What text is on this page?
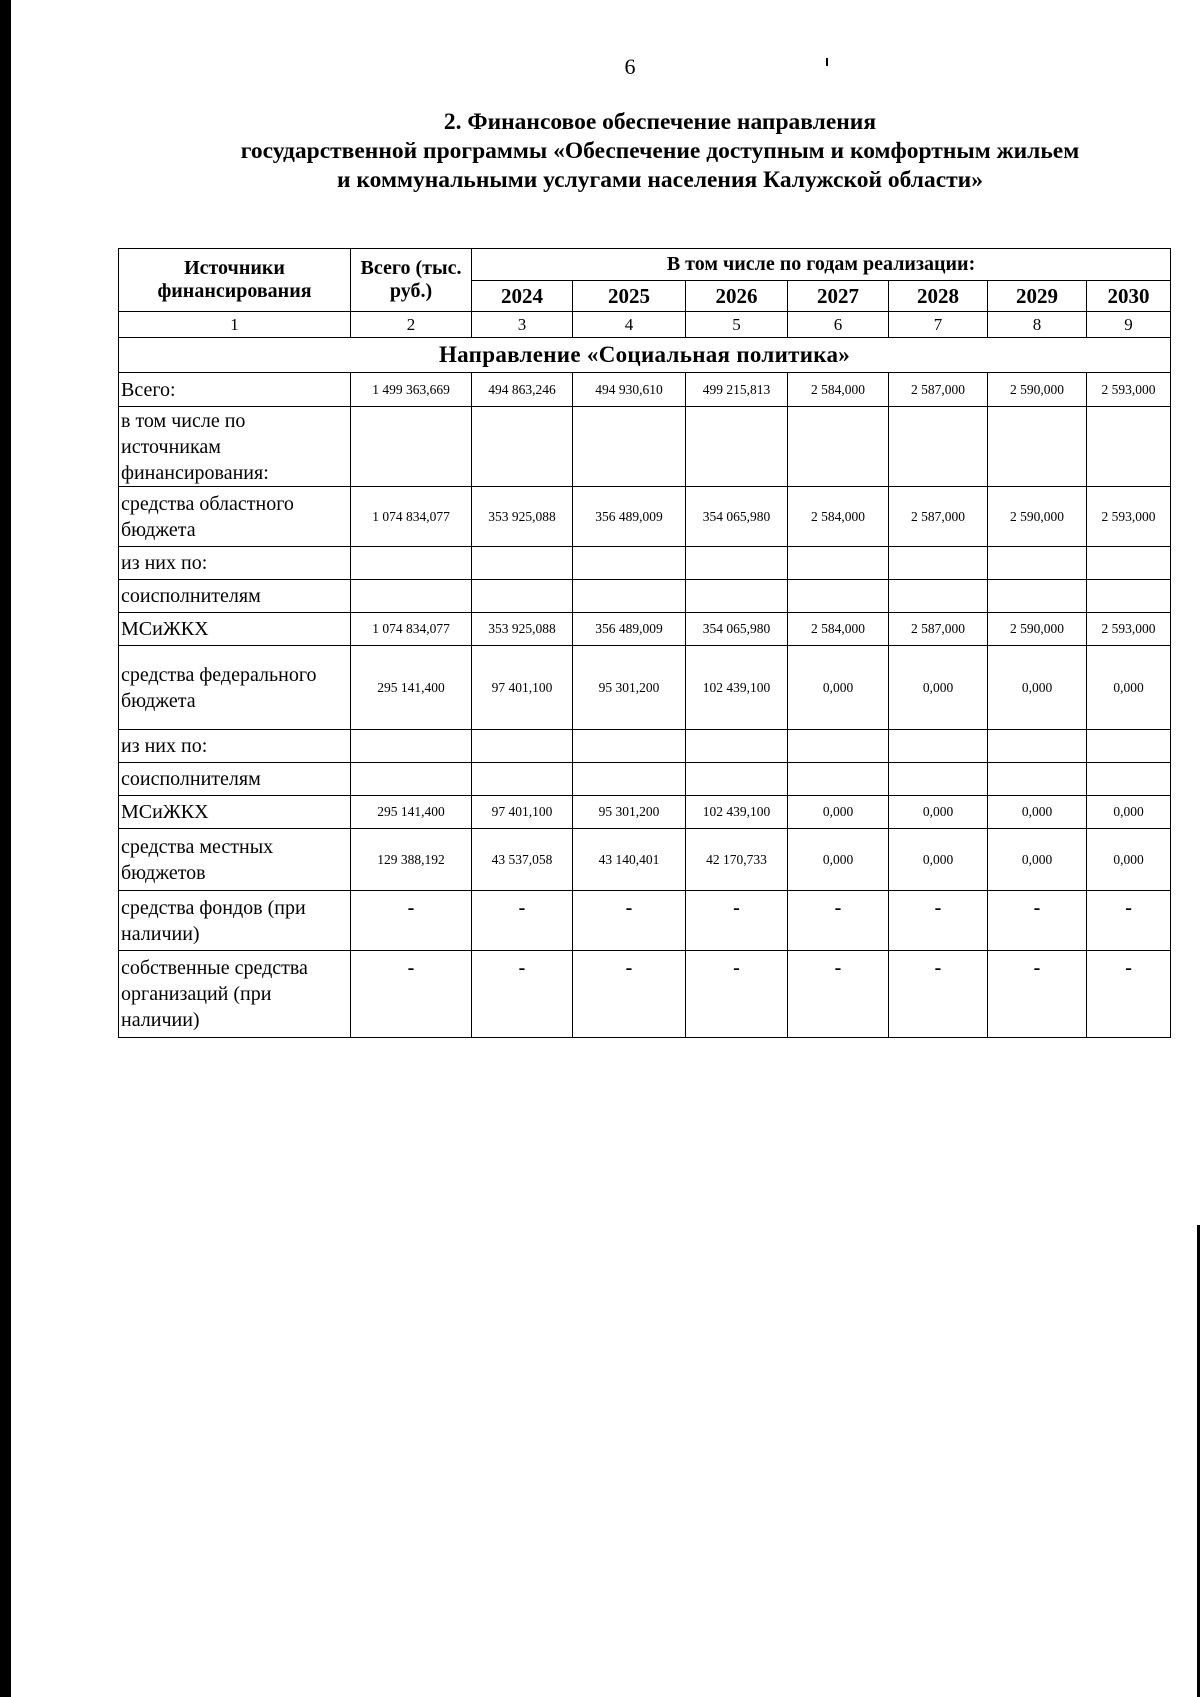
6
2. Финансовое обеспечение направления
государственной программы «Обеспечение доступным и комфортным жильем
и коммунальными услугами населения Калужской области»
Источники финансирования	Всего (тыс. руб.)	В том числе по годам реализации:						
		2024	2025	2026	2027	2028	2029	2030
1	2	3	4	5	6	7	8	9
Направление «Социальная политика»								
Всего:	1 499 363,669	494 863,246	494 930,610	499 215,813	2 584,000	2 587,000	2 590,000	2 593,000
в том числе по источникам финансирования:								
средства областного бюджета	1 074 834,077	353 925,088	356 489,009	354 065,980	2 584,000	2 587,000	2 590,000	2 593,000
из них по:								
соисполнителям								
МСиЖКХ	1 074 834,077	353 925,088	356 489,009	354 065,980	2 584,000	2 587,000	2 590,000	2 593,000
средства федерального бюджета	295 141,400	97 401,100	95 301,200	102 439,100	0,000	0,000	0,000	0,000
из них по:								
соисполнителям								
МСиЖКХ	295 141,400	97 401,100	95 301,200	102 439,100	0,000	0,000	0,000	0,000
средства местных бюджетов	129 388,192	43 537,058	43 140,401	42 170,733	0,000	0,000	0,000	0,000
средства фондов (при наличии)	-	-	-	-	-	-	-	-
собственные средства организаций (при наличии)	-	-	-	-	-	-	-	-
